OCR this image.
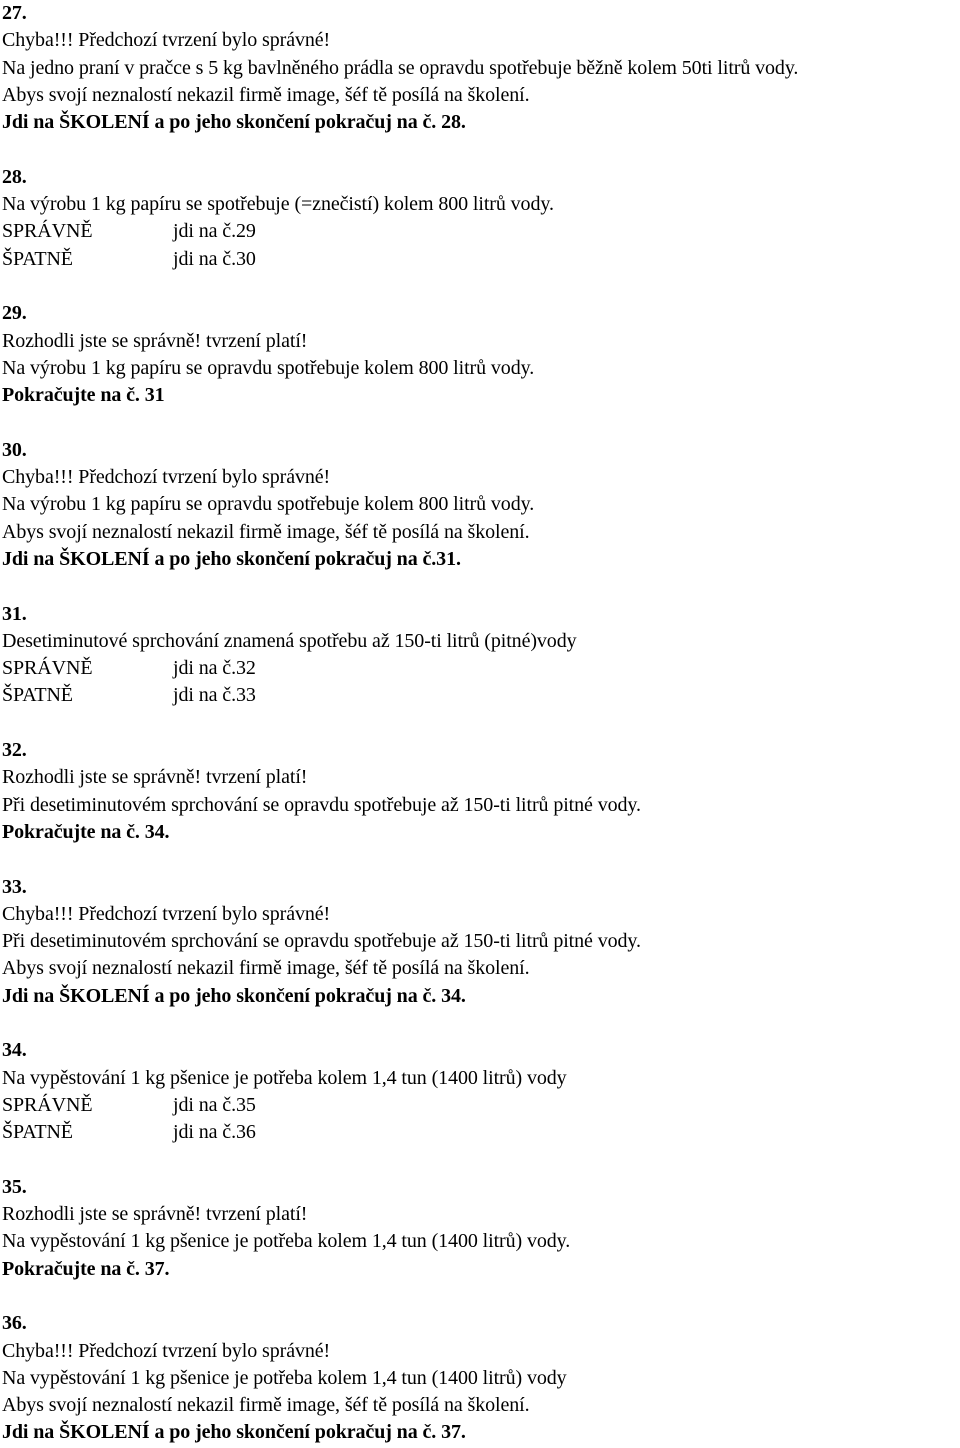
27.
Chyba!!! Předchozí tvrzení bylo správné!
Na jedno praní v pračce s 5 kg bavlněného prádla se opravdu spotřebuje běžně kolem 50ti litrů vody.
Abys svojí neznalostí nekazil firmě image, šéf tě posílá na školení.
Jdi na ŠKOLENÍ a po jeho skončení pokračuj na č. 28.
28.
Na výrobu 1 kg papíru se spotřebuje (=znečistí) kolem 800 litrů vody.
SPRÁVNĚ	jdi na č.29
ŠPATNĚ	jdi na č.30
29.
Rozhodli jste se správně! tvrzení platí!
Na výrobu 1 kg papíru se opravdu spotřebuje kolem 800 litrů vody.
Pokračujte na č. 31
30.
Chyba!!! Předchozí tvrzení bylo správné!
Na výrobu 1 kg papíru se opravdu spotřebuje kolem 800 litrů vody.
Abys svojí neznalostí nekazil firmě image, šéf tě posílá na školení.
Jdi na ŠKOLENÍ a po jeho skončení pokračuj na č.31.
31.
Desetiminutové sprchování znamená spotřebu až 150-ti litrů (pitné)vody
SPRÁVNĚ	jdi na č.32
ŠPATNĚ	jdi na č.33
32.
Rozhodli jste se správně! tvrzení platí!
Při desetiminutovém sprchování se opravdu spotřebuje až 150-ti litrů pitné vody.
Pokračujte na č. 34.
33.
Chyba!!! Předchozí tvrzení bylo správné!
Při desetiminutovém sprchování se opravdu spotřebuje až 150-ti litrů pitné vody.
Abys svojí neznalostí nekazil firmě image, šéf tě posílá na školení.
Jdi na ŠKOLENÍ a po jeho skončení pokračuj na č. 34.
34.
Na vypěstování 1 kg pšenice je potřeba kolem 1,4 tun (1400 litrů) vody
SPRÁVNĚ	jdi na č.35
ŠPATNĚ	jdi na č.36
35.
Rozhodli jste se správně! tvrzení platí!
Na vypěstování 1 kg pšenice je potřeba kolem 1,4 tun (1400 litrů) vody.
Pokračujte na č. 37.
36.
Chyba!!! Předchozí tvrzení bylo správné!
Na vypěstování 1 kg pšenice je potřeba kolem 1,4 tun (1400 litrů) vody
Abys svojí neznalostí nekazil firmě image, šéf tě posílá na školení.
Jdi na ŠKOLENÍ a po jeho skončení pokračuj na č. 37.
